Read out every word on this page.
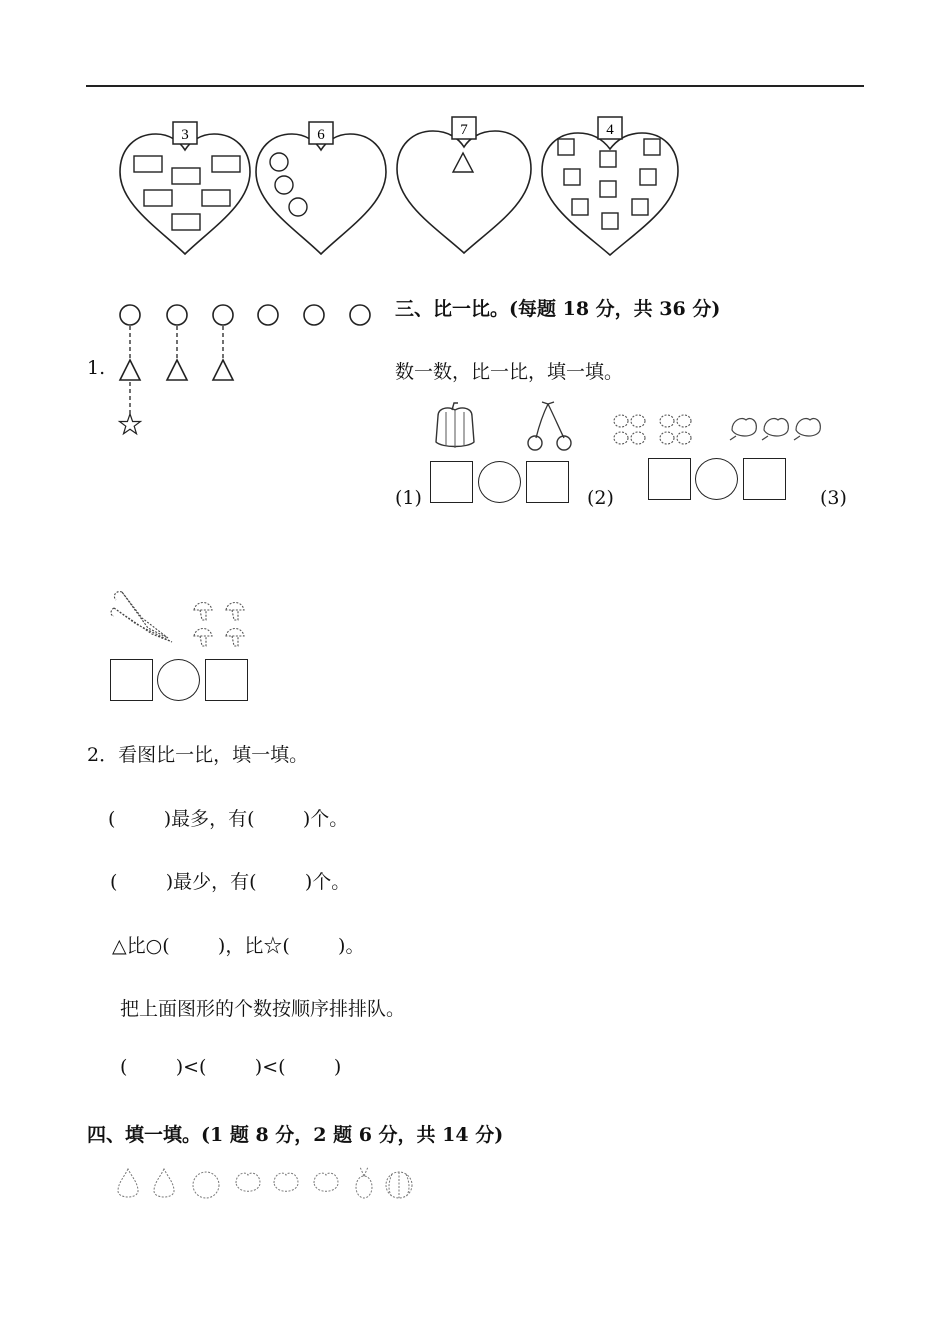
3	6	7	4
1.
三、比一比。(每题 18 分，共 36 分)
数一数，比一比，填一填。
(1)	(2)	(3)
2．看图比一比，填一填。
(        )最多，有(        )个。
(        )最少，有(        )个。
△比○(        )，比☆(        )。
把上面图形的个数按顺序排排队。
(        )<(        )<(        )
四、填一填。(1 题 8 分，2 题 6 分，共 14 分)
